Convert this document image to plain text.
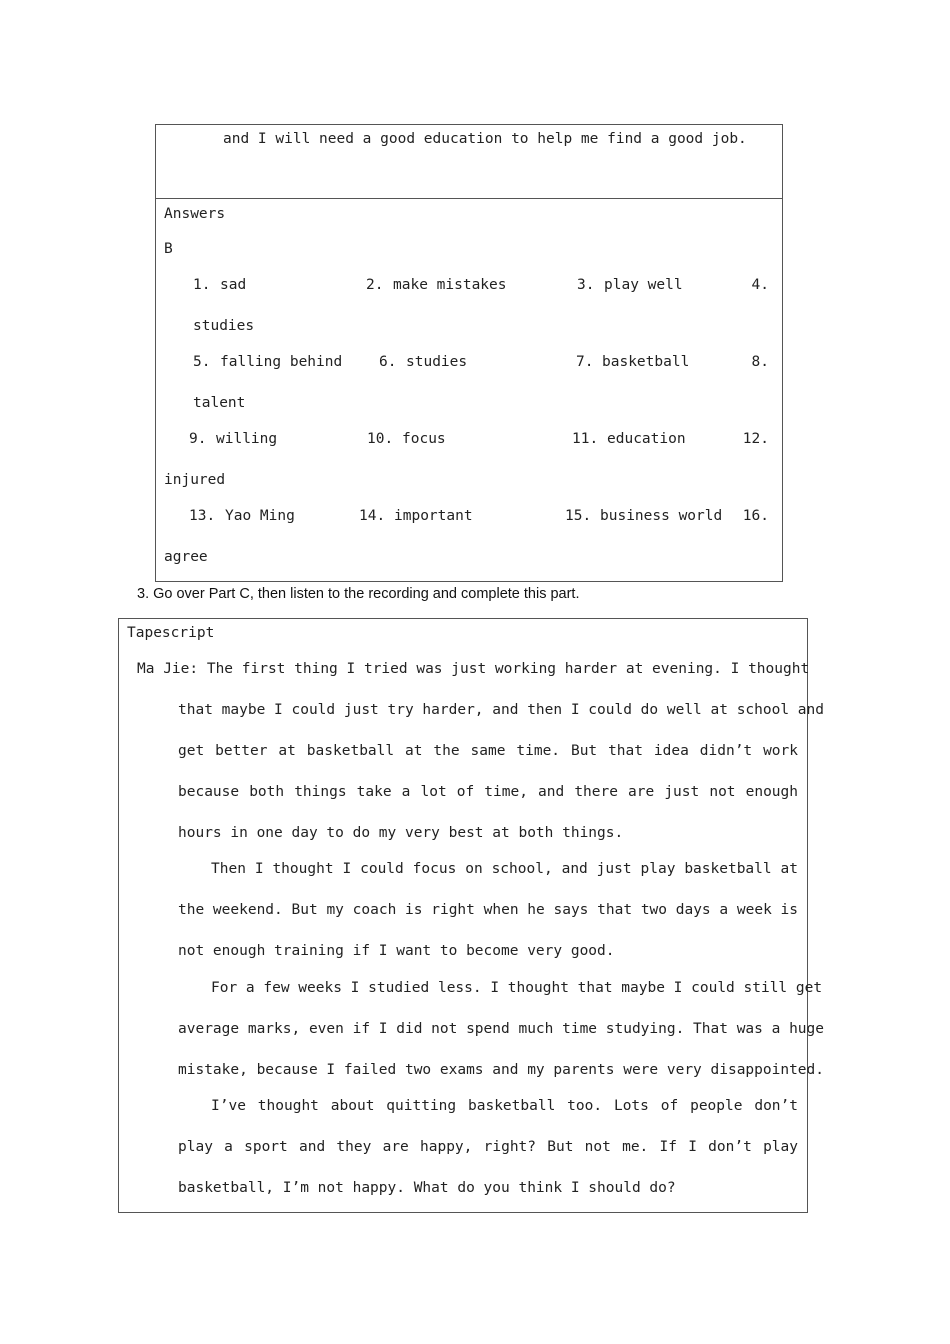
and I will need a good education to help me find a good job.
Answers
B
1. sad	2. make mistakes	3. play well	4.
studies
5. falling behind	6. studies	7. basketball	8.
talent
9. willing	10. focus	11. education	12.
injured
13. Yao Ming	14. important	15. business world	16.
agree
3. Go over Part C, then listen to the recording and complete this part.
Tapescript
Ma Jie: The first thing I tried was just working harder at evening. I thought
that maybe I could just try harder, and then I could do well at school and
get better at basketball at the same time. But that idea didn’t work
because both things take a lot of time, and there are just not enough
hours in one day to do my very best at both things.
Then I thought I could focus on school, and just play basketball at
the weekend. But my coach is right when he says that two days a week is
not enough training if I want to become very good.
For a few weeks I studied less. I thought that maybe I could still get
average marks, even if I did not spend much time studying. That was a huge
mistake, because I failed two exams and my parents were very disappointed.
I’ve thought about quitting basketball too. Lots of people don’t
play a sport and they are happy, right? But not me. If I don’t play
basketball, I’m not happy. What do you think I should do?
